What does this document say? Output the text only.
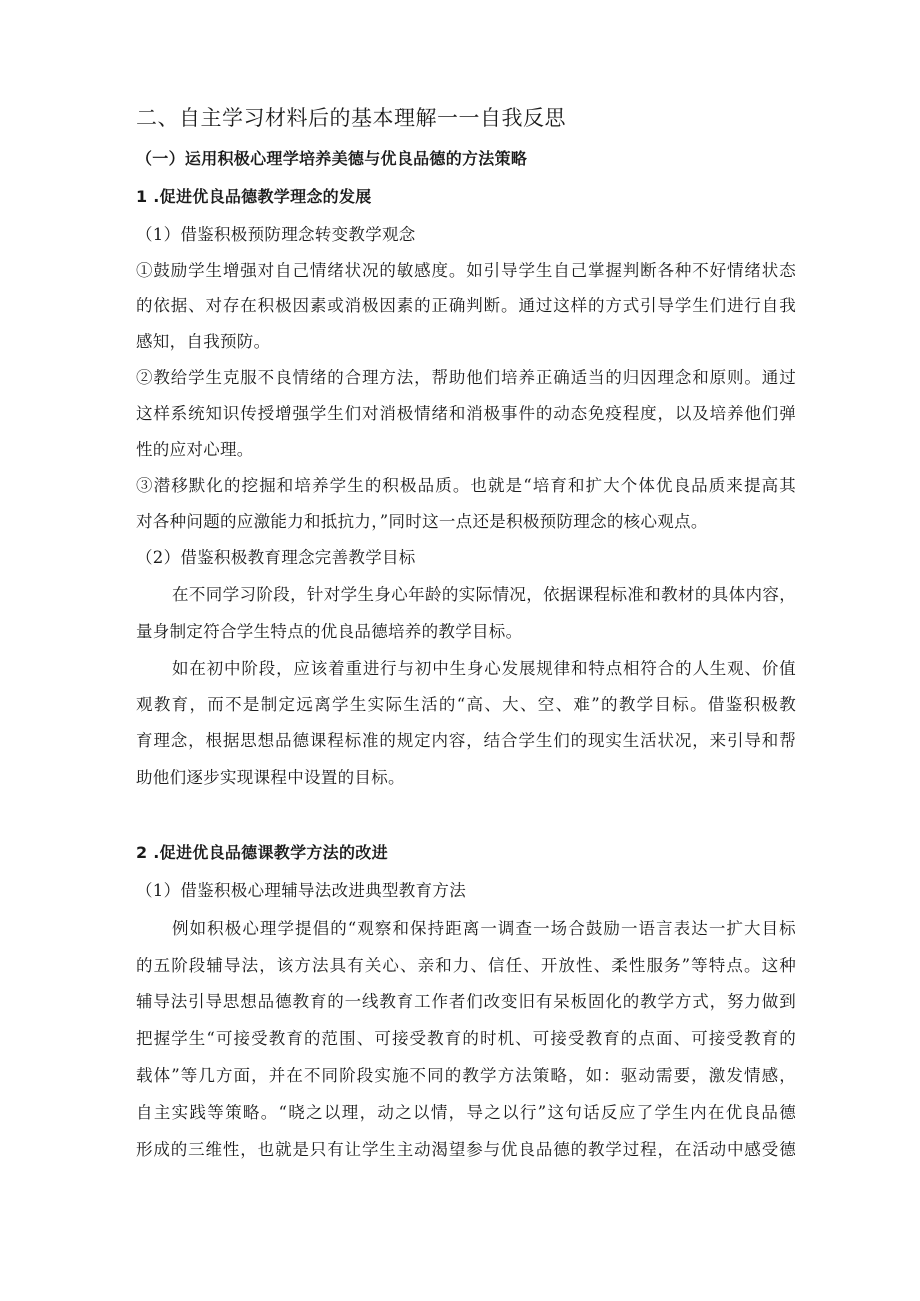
二、自主学习材料后的基本理解一一自我反思
（一）运用积极心理学培养美德与优良品德的方法策略
1 .促进优良品德教学理念的发展
（1）借鉴积极预防理念转变教学观念
①鼓励学生增强对自己情绪状况的敏感度。如引导学生自己掌握判断各种不好情绪状态
的依据、对存在积极因素或消极因素的正确判断。通过这样的方式引导学生们进行自我
感知，自我预防。
②教给学生克服不良情绪的合理方法，帮助他们培养正确适当的归因理念和原则。通过
这样系统知识传授增强学生们对消极情绪和消极事件的动态免疫程度，以及培养他们弹
性的应对心理。
③潜移默化的挖掘和培养学生的积极品质。也就是“培育和扩大个体优良品质来提高其
对各种问题的应激能力和抵抗力，”同时这一点还是积极预防理念的核心观点。
（2）借鉴积极教育理念完善教学目标
在不同学习阶段，针对学生身心年龄的实际情况，依据课程标准和教材的具体内容，
量身制定符合学生特点的优良品德培养的教学目标。
如在初中阶段，应该着重进行与初中生身心发展规律和特点相符合的人生观、价值
观教育，而不是制定远离学生实际生活的“高、大、空、难”的教学目标。借鉴积极教
育理念，根据思想品德课程标准的规定内容，结合学生们的现实生活状况，来引导和帮
助他们逐步实现课程中设置的目标。
2 .促进优良品德课教学方法的改进
（1）借鉴积极心理辅导法改进典型教育方法
例如积极心理学提倡的“观察和保持距离一调查一场合鼓励一语言表达一扩大目标
的五阶段辅导法，该方法具有关心、亲和力、信任、开放性、柔性服务”等特点。这种
辅导法引导思想品德教育的一线教育工作者们改变旧有呆板固化的教学方式，努力做到
把握学生“可接受教育的范围、可接受教育的时机、可接受教育的点面、可接受教育的
载体”等几方面，并在不同阶段实施不同的教学方法策略，如：驱动需要，激发情感，
自主实践等策略。“晓之以理，动之以情，导之以行”这句话反应了学生内在优良品德
形成的三维性，也就是只有让学生主动渴望参与优良品德的教学过程，在活动中感受德
